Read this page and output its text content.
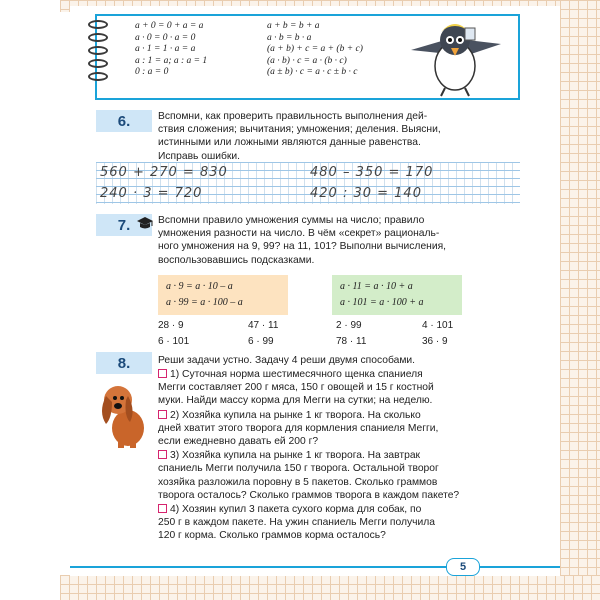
a + 0 = 0 + a = a
a · 0 = 0 · a = 0
a · 1 = 1 · a = a
a : 1 = a; a : a = 1
0 : a = 0
a + b = b + a
a · b = b · a
(a + b) + c = a + (b + c)
(a · b) · c = a · (b · c)
(a ± b) · c = a · c ± b · c
6.	Вспомни, как проверить правильность выполнения дей-
ствия сложения; вычитания; умножения; деления. Выясни,
истинными или ложными являются данные равенства.
Исправь ошибки.
560 + 270 = 830	480 – 350 = 170
240 · 3 = 720	420 : 30 = 140
7.	Вспомни правило умножения суммы на число; правило
умножения разности на число. В чём «секрет» рациональ-
ного умножения на 9, 99? на 11, 101? Выполни вычисления,
воспользовавшись подсказками.
a · 9 = a · 10 – a
a · 99 = a · 100 – a
a · 11 = a · 10 + a
a · 101 = a · 100 + a
28 · 9	47 · 11	2 · 99	4 · 101
6 · 101	6 · 99	78 · 11	36 · 9
8.	Реши задачи устно. Задачу 4 реши двумя способами.
1) Суточная норма шестимесячного щенка спаниеля
Мегги составляет 200 г мяса, 150 г овощей и 15 г костной
муки. Найди массу корма для Мегги на сутки; на неделю.
2) Хозяйка купила на рынке 1 кг творога. На сколько
дней хватит этого творога для кормления спаниеля Мегги,
если ежедневно давать ей 200 г?
3) Хозяйка купила на рынке 1 кг творога. На завтрак
спаниель Мегги получила 150 г творога. Остальной творог
хозяйка разложила поровну в 5 пакетов. Сколько граммов
творога осталось? Сколько граммов творога в каждом пакете?
4) Хозяин купил 3 пакета сухого корма для собак, по
250 г в каждом пакете. На ужин спаниель Мегги получила
120 г корма. Сколько граммов корма осталось?
5
